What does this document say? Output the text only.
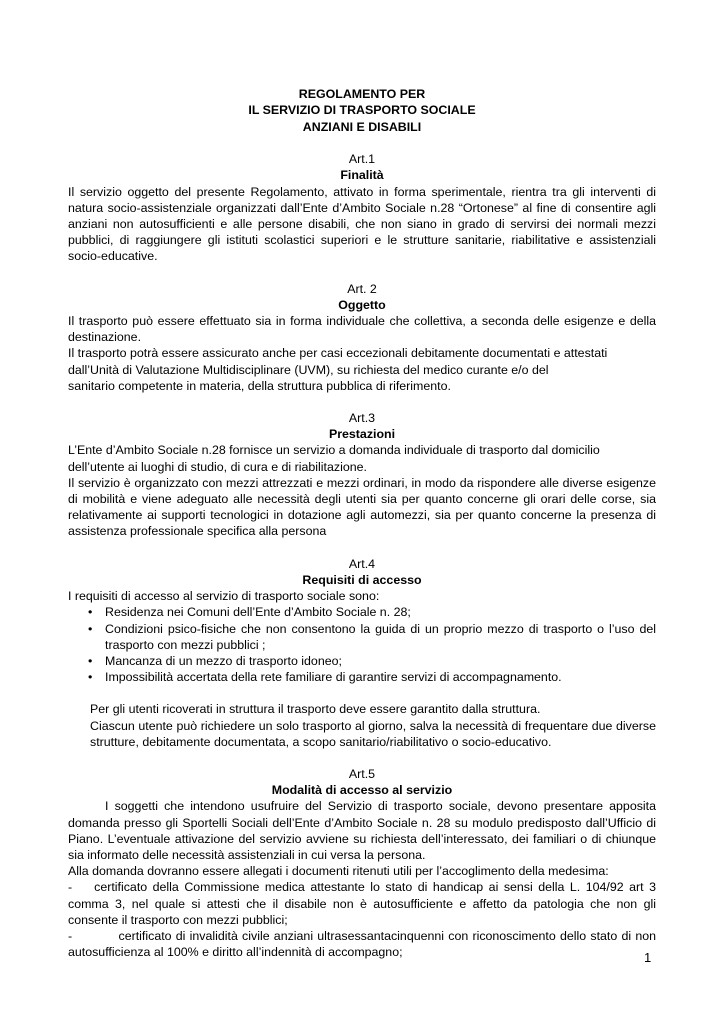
REGOLAMENTO PER
IL SERVIZIO DI TRASPORTO SOCIALE
ANZIANI E DISABILI
Art.1
Finalità
Il servizio oggetto del presente Regolamento, attivato in forma sperimentale, rientra tra gli interventi di natura socio-assistenziale organizzati dall’Ente d’Ambito Sociale n.28 “Ortonese” al fine di consentire agli anziani non autosufficienti e alle persone disabili, che non siano in grado di servirsi dei normali mezzi pubblici, di raggiungere gli istituti scolastici superiori e le strutture sanitarie, riabilitative e assistenziali socio-educative.
Art. 2
Oggetto
Il trasporto può essere effettuato sia in forma individuale che collettiva, a seconda delle esigenze e della destinazione.
Il trasporto potrà essere assicurato anche per casi eccezionali debitamente documentati e attestati
dall’Unità di Valutazione Multidisciplinare (UVM), su richiesta del medico curante e/o del
sanitario competente in materia, della struttura pubblica di riferimento.
Art.3
Prestazioni
L’Ente d’Ambito Sociale n.28 fornisce un servizio a domanda individuale di trasporto dal domicilio dell’utente ai luoghi di studio, di cura e di riabilitazione.
Il servizio è organizzato con mezzi attrezzati e mezzi ordinari, in modo da rispondere alle diverse esigenze di mobilità e viene adeguato alle necessità degli utenti sia per quanto concerne gli orari delle corse, sia relativamente ai supporti tecnologici in dotazione agli automezzi, sia per quanto concerne la presenza di assistenza professionale specifica alla persona
Art.4
Requisiti di accesso
I requisiti di accesso al servizio di trasporto sociale sono:
• Residenza nei Comuni dell’Ente d’Ambito Sociale n. 28;
• Condizioni psico-fisiche che non consentono la guida di un proprio mezzo di trasporto o l’uso del trasporto con mezzi pubblici ;
• Mancanza di un mezzo di trasporto idoneo;
• Impossibilità accertata della rete familiare di garantire servizi di accompagnamento.
Per gli utenti ricoverati in struttura il trasporto deve essere garantito dalla struttura.
Ciascun utente può richiedere un solo trasporto al giorno, salva la necessità di frequentare due diverse strutture, debitamente documentata, a scopo sanitario/riabilitativo o socio-educativo.
Art.5
Modalità di accesso al servizio
I soggetti che intendono usufruire del Servizio di trasporto sociale, devono presentare apposita domanda presso gli Sportelli Sociali dell’Ente d’Ambito Sociale n. 28 su modulo predisposto dall’Ufficio di Piano. L’eventuale attivazione del servizio avviene su richiesta dell’interessato, dei familiari o di chiunque sia informato delle necessità assistenziali in cui versa la persona.
Alla domanda dovranno essere allegati i documenti ritenuti utili per l’accoglimento della medesima:
-    certificato della Commissione medica attestante lo stato di handicap ai sensi della L. 104/92 art 3 comma 3, nel quale si attesti che il disabile non è autosufficiente e affetto da patologia che non gli consente il trasporto con mezzi pubblici;
-           certificato di invalidità civile anziani ultrasessantacinquenni con riconoscimento dello stato di non autosufficienza al 100% e diritto all’indennità di accompagno;	1
